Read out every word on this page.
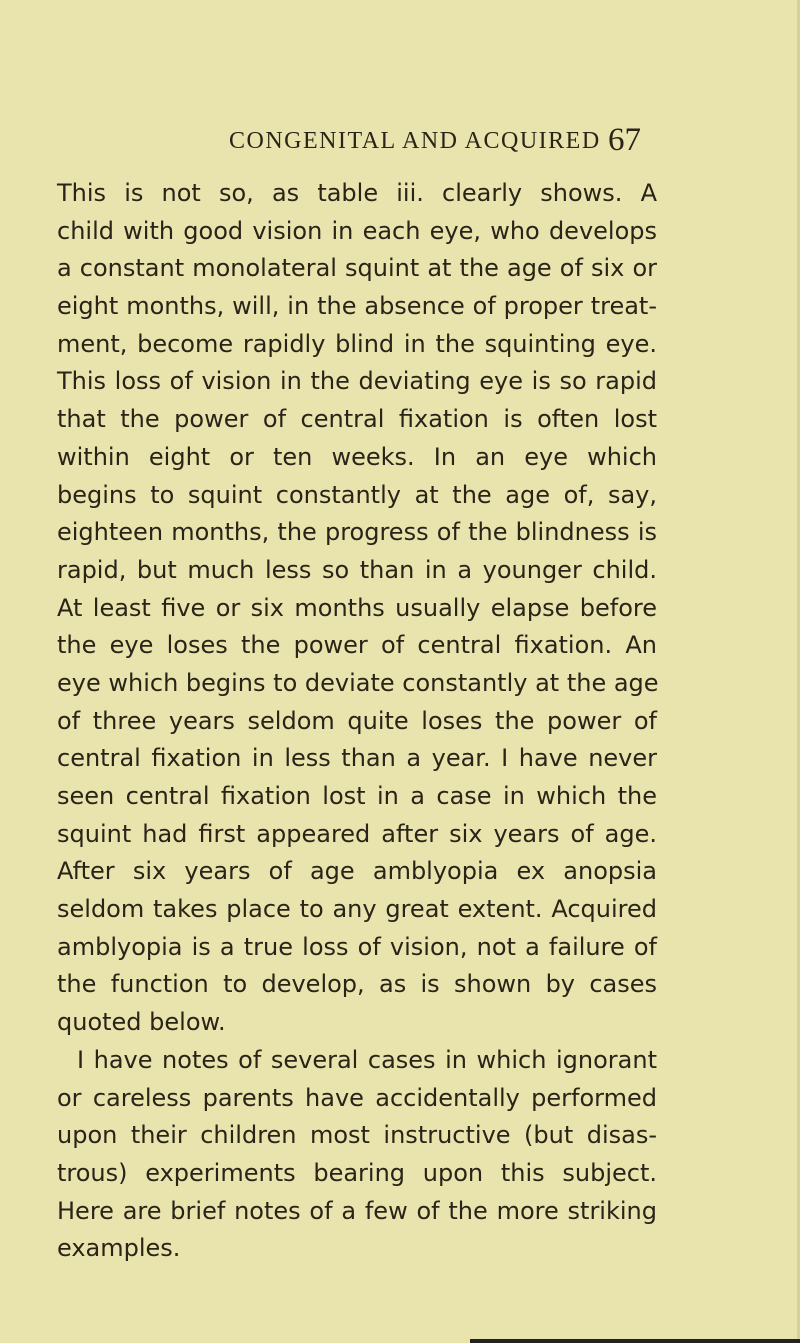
CONGENITAL AND ACQUIRED 67
This is not so, as table iii. clearly shows. A
child with good vision in each eye, who develops
a constant monolateral squint at the age of six or
eight months, will, in the absence of proper treat-
ment, become rapidly blind in the squinting eye.
This loss of vision in the deviating eye is so rapid
that the power of central fixation is often lost
within eight or ten weeks. In an eye which
begins to squint constantly at the age of, say,
eighteen months, the progress of the blindness is
rapid, but much less so than in a younger child.
At least five or six months usually elapse before
the eye loses the power of central fixation. An
eye which begins to deviate constantly at the age
of three years seldom quite loses the power of
central fixation in less than a year. I have never
seen central fixation lost in a case in which the
squint had first appeared after six years of age.
After six years of age amblyopia ex anopsia
seldom takes place to any great extent. Acquired
amblyopia is a true loss of vision, not a failure of
the function to develop, as is shown by cases
quoted below.
I have notes of several cases in which ignorant
or careless parents have accidentally performed
upon their children most instructive (but disas-
trous) experiments bearing upon this subject.
Here are brief notes of a few of the more striking
examples.
